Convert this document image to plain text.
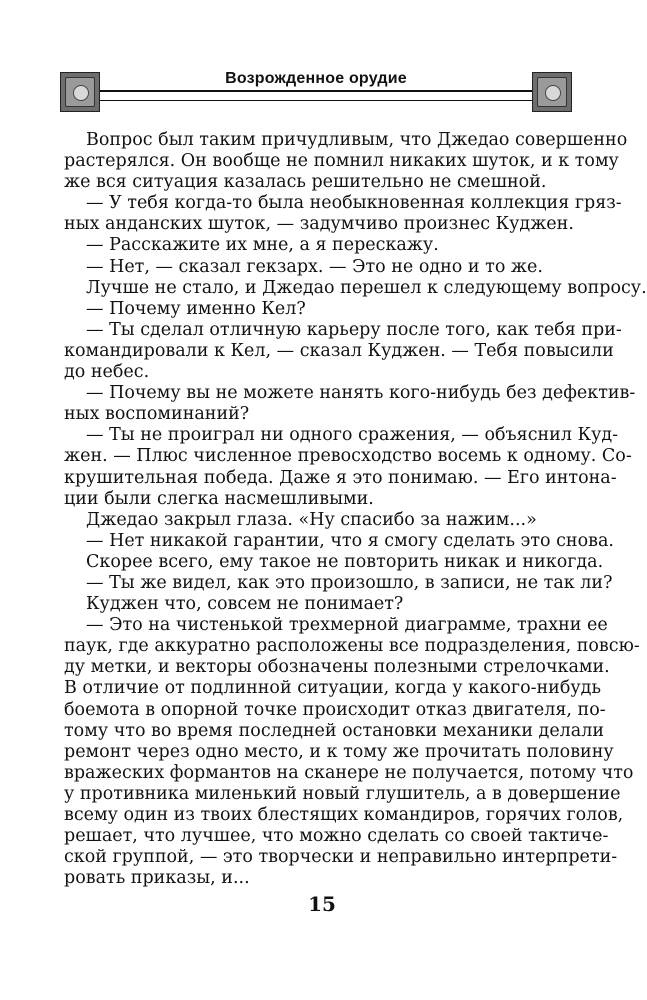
Возрожденное орудие
Вопрос был таким причудливым, что Джедао совершенно
растерялся. Он вообще не помнил никаких шуток, и к тому
же вся ситуация казалась решительно не смешной.
— У тебя когда-то была необыкновенная коллекция гряз-
ных анданских шуток, — задумчиво произнес Куджен.
— Расскажите их мне, а я перескажу.
— Нет, — сказал гекзарх. — Это не одно и то же.
Лучше не стало, и Джедао перешел к следующему вопросу.
— Почему именно Кел?
— Ты сделал отличную карьеру после того, как тебя при-
командировали к Кел, — сказал Куджен. — Тебя повысили
до небес.
— Почему вы не можете нанять кого-нибудь без дефектив-
ных воспоминаний?
— Ты не проиграл ни одного сражения, — объяснил Куд-
жен. — Плюс численное превосходство восемь к одному. Со-
крушительная победа. Даже я это понимаю. — Его интона-
ции были слегка насмешливыми.
Джедао закрыл глаза. «Ну спасибо за нажим...»
— Нет никакой гарантии, что я смогу сделать это снова.
Скорее всего, ему такое не повторить никак и никогда.
— Ты же видел, как это произошло, в записи, не так ли?
Куджен что, совсем не понимает?
— Это на чистенькой трехмерной диаграмме, трахни ее
паук, где аккуратно расположены все подразделения, повсю-
ду метки, и векторы обозначены полезными стрелочками.
В отличие от подлинной ситуации, когда у какого-нибудь
боемота в опорной точке происходит отказ двигателя, по-
тому что во время последней остановки механики делали
ремонт через одно место, и к тому же прочитать половину
вражеских формантов на сканере не получается, потому что
у противника миленький новый глушитель, а в довершение
всему один из твоих блестящих командиров, горячих голов,
решает, что лучшее, что можно сделать со своей тактиче-
ской группой, — это творчески и неправильно интерпрети-
ровать приказы, и...
15
